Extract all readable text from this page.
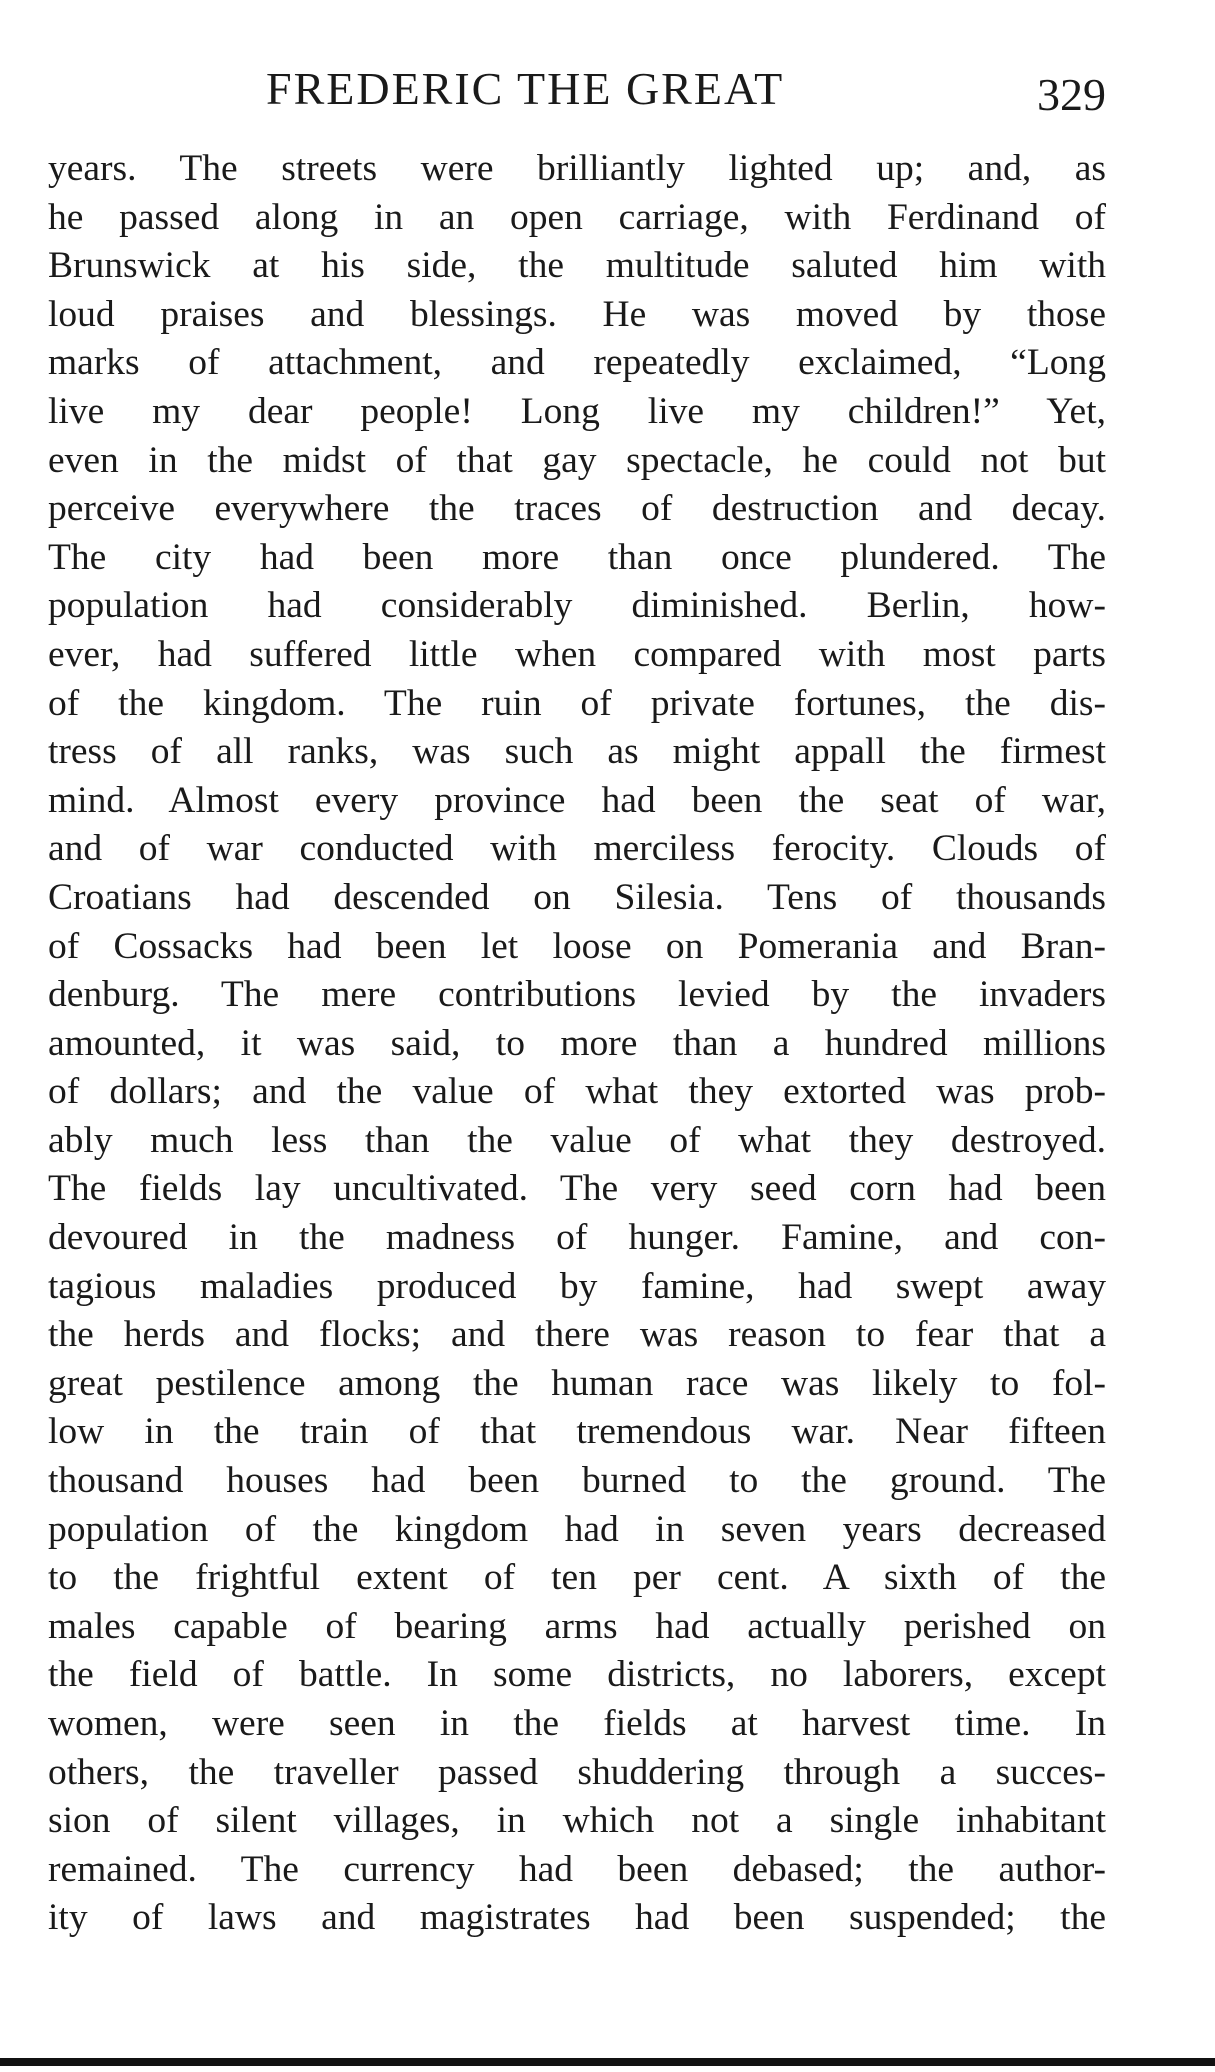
FREDERIC THE GREAT	329
years. The streets were brilliantly lighted up; and, as
he passed along in an open carriage, with Ferdinand of
Brunswick at his side, the multitude saluted him with
loud praises and blessings. He was moved by those
marks of attachment, and repeatedly exclaimed, “Long
live my dear people! Long live my children!” Yet,
even in the midst of that gay spectacle, he could not but
perceive everywhere the traces of destruction and decay.
The city had been more than once plundered. The
population had considerably diminished. Berlin, how-
ever, had suffered little when compared with most parts
of the kingdom. The ruin of private fortunes, the dis-
tress of all ranks, was such as might appall the firmest
mind. Almost every province had been the seat of war,
and of war conducted with merciless ferocity. Clouds of
Croatians had descended on Silesia. Tens of thousands
of Cossacks had been let loose on Pomerania and Bran-
denburg. The mere contributions levied by the invaders
amounted, it was said, to more than a hundred millions
of dollars; and the value of what they extorted was prob-
ably much less than the value of what they destroyed.
The fields lay uncultivated. The very seed corn had been
devoured in the madness of hunger. Famine, and con-
tagious maladies produced by famine, had swept away
the herds and flocks; and there was reason to fear that a
great pestilence among the human race was likely to fol-
low in the train of that tremendous war. Near fifteen
thousand houses had been burned to the ground. The
population of the kingdom had in seven years decreased
to the frightful extent of ten per cent. A sixth of the
males capable of bearing arms had actually perished on
the field of battle. In some districts, no laborers, except
women, were seen in the fields at harvest time. In
others, the traveller passed shuddering through a succes-
sion of silent villages, in which not a single inhabitant
remained. The currency had been debased; the author-
ity of laws and magistrates had been suspended; the
